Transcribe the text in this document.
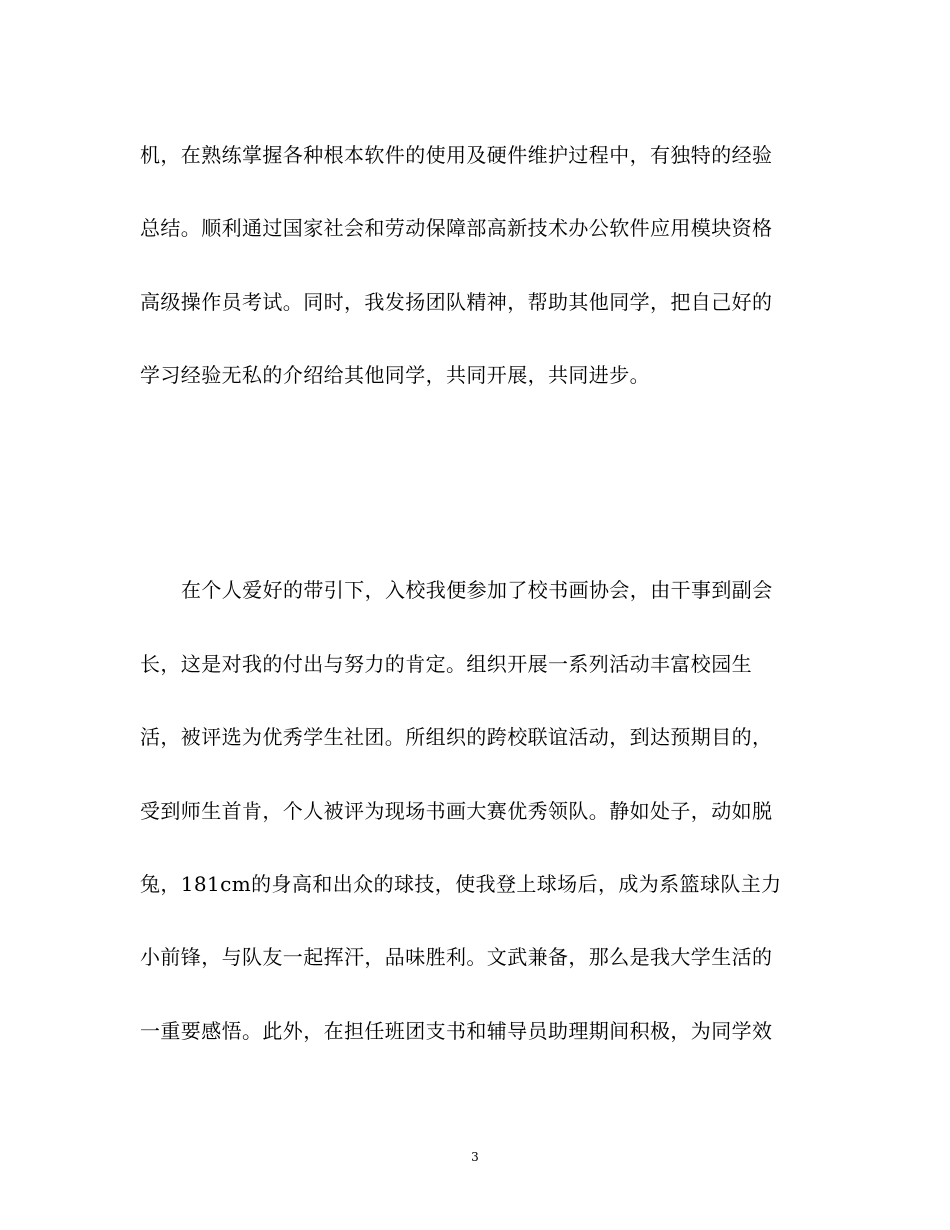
机，在熟练掌握各种根本软件的使用及硬件维护过程中，有独特的经验
总结。顺利通过国家社会和劳动保障部高新技术办公软件应用模块资格
高级操作员考试。同时，我发扬团队精神，帮助其他同学，把自己好的
学习经验无私的介绍给其他同学，共同开展，共同进步。
在个人爱好的带引下，入校我便参加了校书画协会，由干事到副会
长，这是对我的付出与努力的肯定。组织开展一系列活动丰富校园生
活，被评选为优秀学生社团。所组织的跨校联谊活动，到达预期目的，
受到师生首肯，个人被评为现场书画大赛优秀领队。静如处子，动如脱
兔，181cm的身高和出众的球技，使我登上球场后，成为系篮球队主力
小前锋，与队友一起挥汗，品味胜利。文武兼备，那么是我大学生活的
一重要感悟。此外，在担任班团支书和辅导员助理期间积极，为同学效
3
